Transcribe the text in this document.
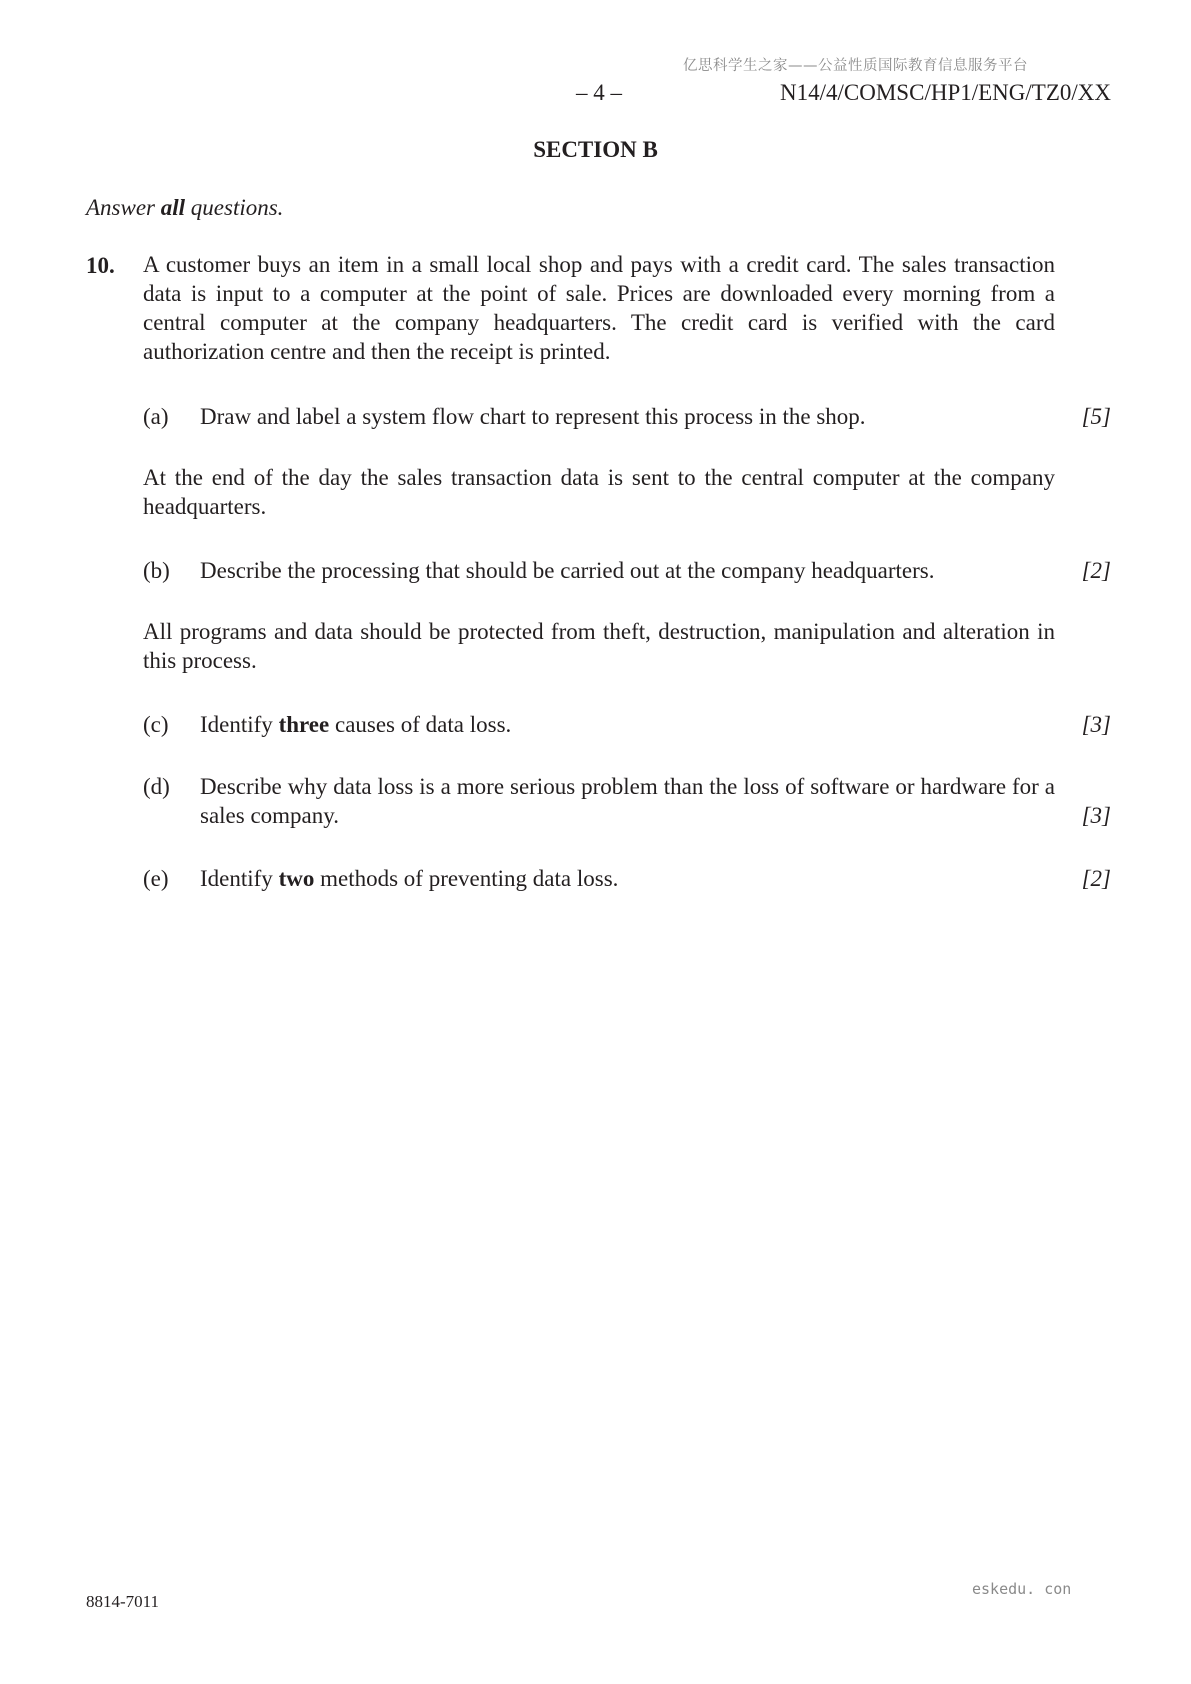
亿思科学生之家——公益性质国际教育信息服务平台
– 4 –	N14/4/COMSC/HP1/ENG/TZ0/XX
SECTION B
Answer all questions.
10. A customer buys an item in a small local shop and pays with a credit card. The sales transaction data is input to a computer at the point of sale. Prices are downloaded every morning from a central computer at the company headquarters. The credit card is verified with the card authorization centre and then the receipt is printed.
(a) Draw and label a system flow chart to represent this process in the shop.	[5]
At the end of the day the sales transaction data is sent to the central computer at the company headquarters.
(b) Describe the processing that should be carried out at the company headquarters.	[2]
All programs and data should be protected from theft, destruction, manipulation and alteration in this process.
(c) Identify three causes of data loss.	[3]
(d) Describe why data loss is a more serious problem than the loss of software or hardware for a sales company.	[3]
(e) Identify two methods of preventing data loss.	[2]
eskedu. con
8814-7011
